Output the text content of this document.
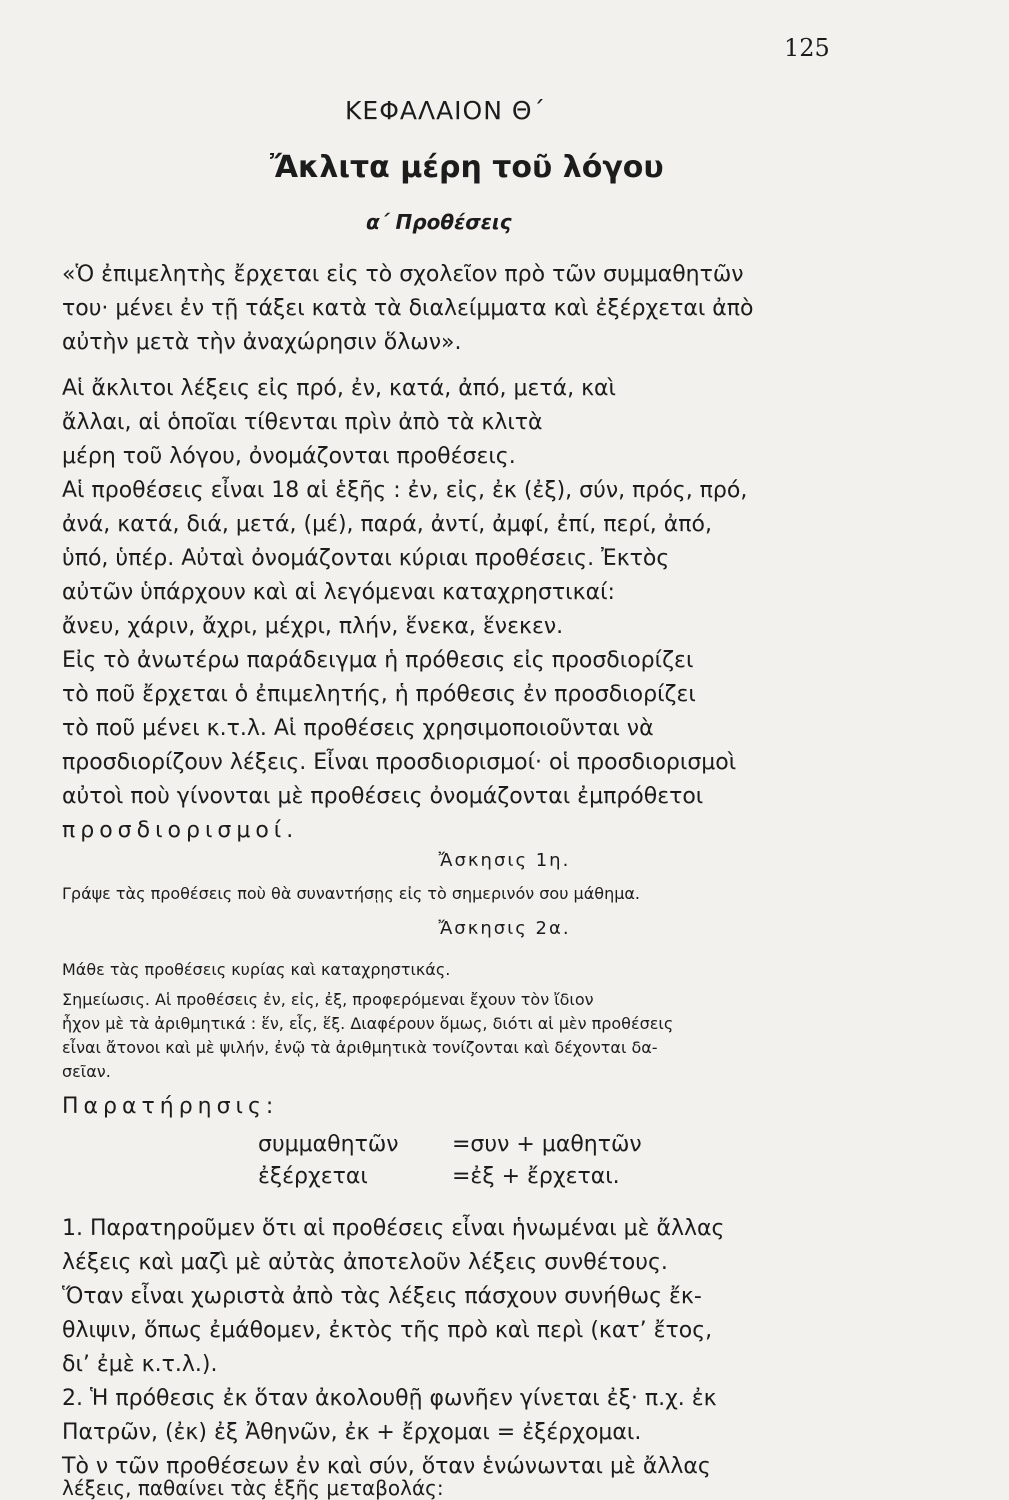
125
ΚΕΦΑΛΑΙΟΝ Θ΄
Ἄκλιτα μέρη τοῦ λόγου
α΄ Προθέσεις
«Ὁ ἐπιμελητὴς ἔρχεται εἰς τὸ σχολεῖον πρὸ τῶν συμμαθητῶν
του· μένει ἐν τῇ τάξει κατὰ τὰ διαλείμματα καὶ ἐξέρχεται ἀπὸ
αὐτὴν μετὰ τὴν ἀναχώρησιν ὅλων».
Αἱ ἄκλιτοι λέξεις εἰς πρό, ἐν, κατά, ἀπό, μετά, καὶ
ἄλλαι, αἱ ὁποῖαι τίθενται πρὶν ἀπὸ τὰ κλιτὰ
μέρη τοῦ λόγου, ὀνομάζονται προθέσεις.
Αἱ προθέσεις εἶναι 18 αἱ ἑξῆς : ἐν, εἰς, ἐκ (ἐξ), σύν, πρός, πρό,
ἀνά, κατά, διά, μετά, (μέ), παρά, ἀντί, ἀμφί, ἐπί, περί, ἀπό,
ὑπό, ὑπέρ. Αὐταὶ ὀνομάζονται κύριαι προθέσεις. Ἐκτὸς
αὐτῶν ὑπάρχουν καὶ αἱ λεγόμεναι καταχρηστικαί:
ἄνευ, χάριν, ἄχρι, μέχρι, πλήν, ἕνεκα, ἕνεκεν.
Εἰς τὸ ἀνωτέρω παράδειγμα ἡ πρόθεσις εἰς προσδιορίζει
τὸ ποῦ ἔρχεται ὁ ἐπιμελητής, ἡ πρόθεσις ἐν προσδιορίζει
τὸ ποῦ μένει κ.τ.λ. Αἱ προθέσεις χρησιμοποιοῦνται νὰ
προσδιορίζουν λέξεις. Εἶναι προσδιορισμοί· οἱ προσδιορισμοὶ
αὐτοὶ ποὺ γίνονται μὲ προθέσεις ὀνομάζονται ἐμπρόθετοι
προσδιορισμοί.
Ἄσκησις 1η.
Γράψε τὰς προθέσεις ποὺ θὰ συναντήσῃς εἰς τὸ σημερινόν σου μάθημα.
Ἄσκησις 2α.
Μάθε τὰς προθέσεις κυρίας καὶ καταχρηστικάς.
Σημείωσις. Αἱ προθέσεις ἐν, εἰς, ἐξ, προφερόμεναι ἔχουν τὸν ἴδιον
ἦχον μὲ τὰ ἀριθμητικά : ἕν, εἷς, ἕξ. Διαφέρουν ὅμως, διότι αἱ μὲν προθέσεις
εἶναι ἄτονοι καὶ μὲ ψιλήν, ἐνῷ τὰ ἀριθμητικὰ τονίζονται καὶ δέχονται δα-
σεῖαν.
Παρατήρησις:
συμμαθητῶν =συν + μαθητῶν
ἐξέρχεται	=ἐξ + ἔρχεται.
1. Παρατηροῦμεν ὅτι αἱ προθέσεις εἶναι ἡνωμέναι μὲ ἄλλας
λέξεις καὶ μαζὶ μὲ αὐτὰς ἀποτελοῦν λέξεις συνθέτους.
Ὅταν εἶναι χωριστὰ ἀπὸ τὰς λέξεις πάσχουν συνήθως ἔκ-
θλιψιν, ὅπως ἐμάθομεν, ἐκτὸς τῆς πρὸ καὶ περὶ (κατ’ ἔτος,
δι’ ἐμὲ κ.τ.λ.).
2. Ἡ πρόθεσις ἐκ ὅταν ἀκολουθῇ φωνῆεν γίνεται ἐξ· π.χ. ἐκ
Πατρῶν, (ἐκ) ἐξ Ἀθηνῶν, ἐκ + ἔρχομαι = ἐξέρχομαι.
Τὸ ν τῶν προθέσεων ἐν καὶ σύν, ὅταν ἑνώνωνται μὲ ἄλλας
λέξεις, παθαίνει τὰς ἑξῆς μεταβολάς:
